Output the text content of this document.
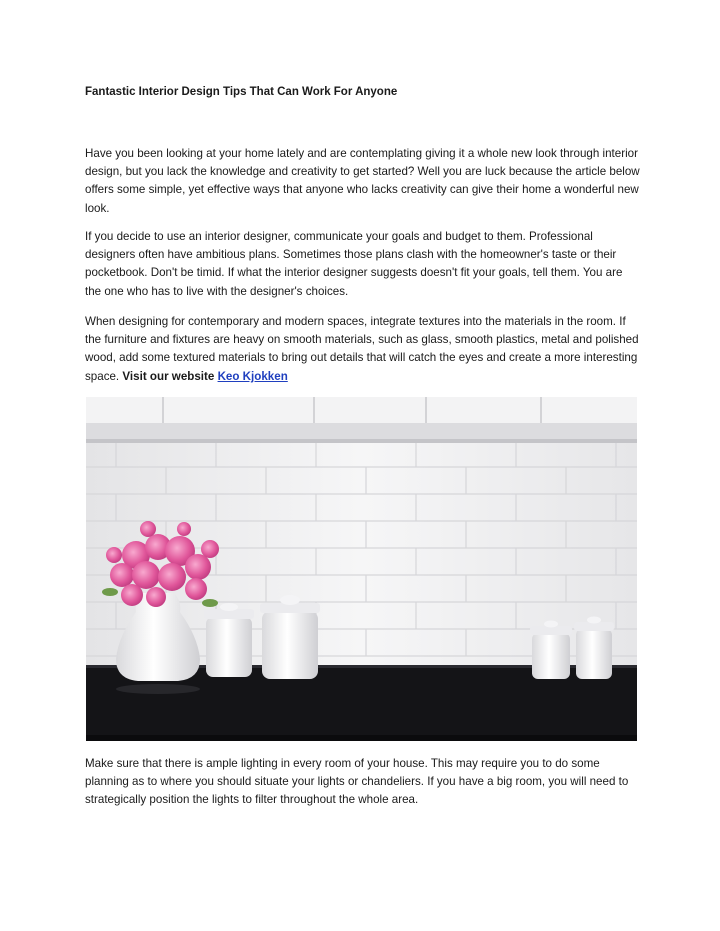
Fantastic Interior Design Tips That Can Work For Anyone

Have you been looking at your home lately and are contemplating giving it a whole new look through interior design, but you lack the knowledge and creativity to get started? Well you are luck because the article below offers some simple, yet effective ways that anyone who lacks creativity can give their home a wonderful new look.

If you decide to use an interior designer, communicate your goals and budget to them. Professional designers often have ambitious plans. Sometimes those plans clash with the homeowner's taste or their pocketbook. Don't be timid. If what the interior designer suggests doesn't fit your goals, tell them. You are the one who has to live with the designer's choices.

When designing for contemporary and modern spaces, integrate textures into the materials in the room. If the furniture and fixtures are heavy on smooth materials, such as glass, smooth plastics, metal and polished wood, add some textured materials to bring out details that will catch the eyes and create a more interesting space. Visit our website Keo Kjokken

Make sure that there is ample lighting in every room of your house. This may require you to do some planning as to where you should situate your lights or chandeliers. If you have a big room, you will need to strategically position the lights to filter throughout the whole area.
